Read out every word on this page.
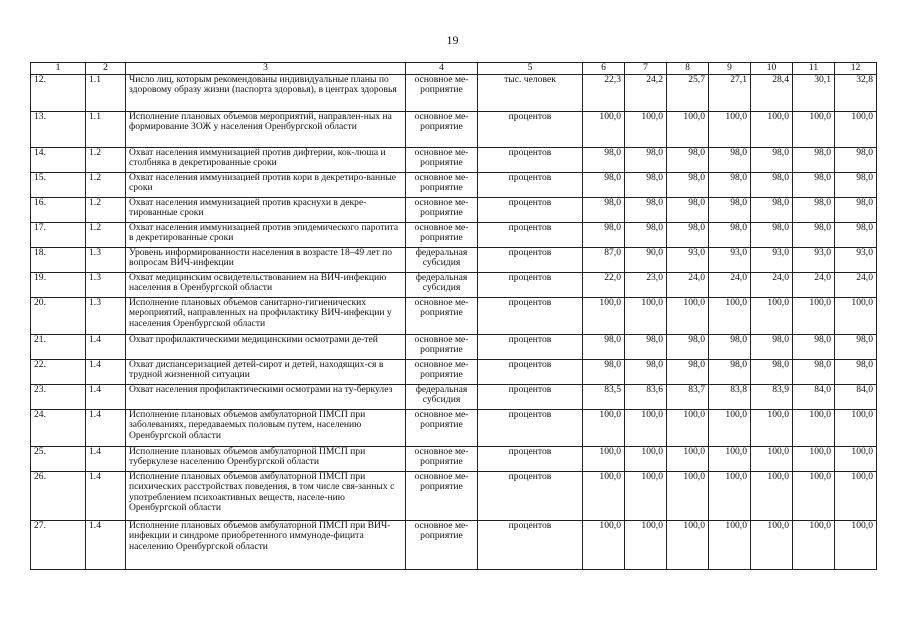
19
1	2	3	4	5	6	7	8	9	10	11	12
12.	1.1	Число лиц, которым рекомендованы индивидуальные планы по здоровому образу жизни (паспорта здоровья), в центрах здоровья	основное ме-роприятие	тыс. человек	22,3	24,2	25,7	27,1	28,4	30,1	32,8
13.	1.1	Исполнение плановых объемов мероприятий, направлен-ных на формирование ЗОЖ у населения Оренбургской области	основное ме-роприятие	процентов	100,0	100,0	100,0	100,0	100,0	100,0	100,0
14.	1.2	Охват населения иммунизацией против дифтерии, кок-люша и столбняка в декретированные сроки	основное ме-роприятие	процентов	98,0	98,0	98,0	98,0	98,0	98,0	98,0
15.	1.2	Охват населения иммунизацией против кори в декретиро-ванные сроки	основное ме-роприятие	процентов	98,0	98,0	98,0	98,0	98,0	98,0	98,0
16.	1.2	Охват населения иммунизацией против краснухи в декре-тированные сроки	основное ме-роприятие	процентов	98,0	98,0	98,0	98,0	98,0	98,0	98,0
17.	1.2	Охват населения иммунизацией против эпидемического паротита в декретированные сроки	основное ме-роприятие	процентов	98,0	98,0	98,0	98,0	98,0	98,0	98,0
18.	1.3	Уровень информированности населения в возрасте 18–49 лет по вопросам ВИЧ-инфекции	федеральная субсидия	процентов	87,0	90,0	93,0	93,0	93,0	93,0	93,0
19.	1.3	Охват медицинским освидетельствованием на ВИЧ-инфекцию населения в Оренбургской области	федеральная субсидия	процентов	22,0	23,0	24,0	24,0	24,0	24,0	24,0
20.	1.3	Исполнение плановых объемов санитарно-гигиенических мероприятий, направленных на профилактику ВИЧ-инфекции у населения Оренбургской области	основное ме-роприятие	процентов	100,0	100,0	100,0	100,0	100,0	100,0	100,0
21.	1.4	Охват профилактическими медицинскими осмотрами де-тей	основное ме-роприятие	процентов	98,0	98,0	98,0	98,0	98,0	98,0	98,0
22.	1.4	Охват диспансеризацией детей-сирот и детей, находящих-ся в трудной жизненной ситуации	основное ме-роприятие	процентов	98,0	98,0	98,0	98,0	98,0	98,0	98,0
23.	1.4	Охват населения профилактическими осмотрами на ту-беркулез	федеральная субсидия	процентов	83,5	83,6	83,7	83,8	83,9	84,0	84,0
24.	1.4	Исполнение плановых объемов амбулаторной ПМСП при заболеваниях, передаваемых половым путем, населению Оренбургской области	основное ме-роприятие	процентов	100,0	100,0	100,0	100,0	100,0	100,0	100,0
25.	1.4	Исполнение плановых объемов амбулаторной ПМСП при туберкулезе населению Оренбургской области	основное ме-роприятие	процентов	100,0	100,0	100,0	100,0	100,0	100,0	100,0
26.	1.4	Исполнение плановых объемов амбулаторной ПМСП при психических расстройствах поведения, в том числе свя-занных с употреблением психоактивных веществ, населе-нию Оренбургской области	основное ме-роприятие	процентов	100,0	100,0	100,0	100,0	100,0	100,0	100,0
27.	1.4	Исполнение плановых объемов амбулаторной ПМСП при ВИЧ-инфекции и синдроме приобретенного иммуноде-фицита населению Оренбургской области	основное ме-роприятие	процентов	100,0	100,0	100,0	100,0	100,0	100,0	100,0
